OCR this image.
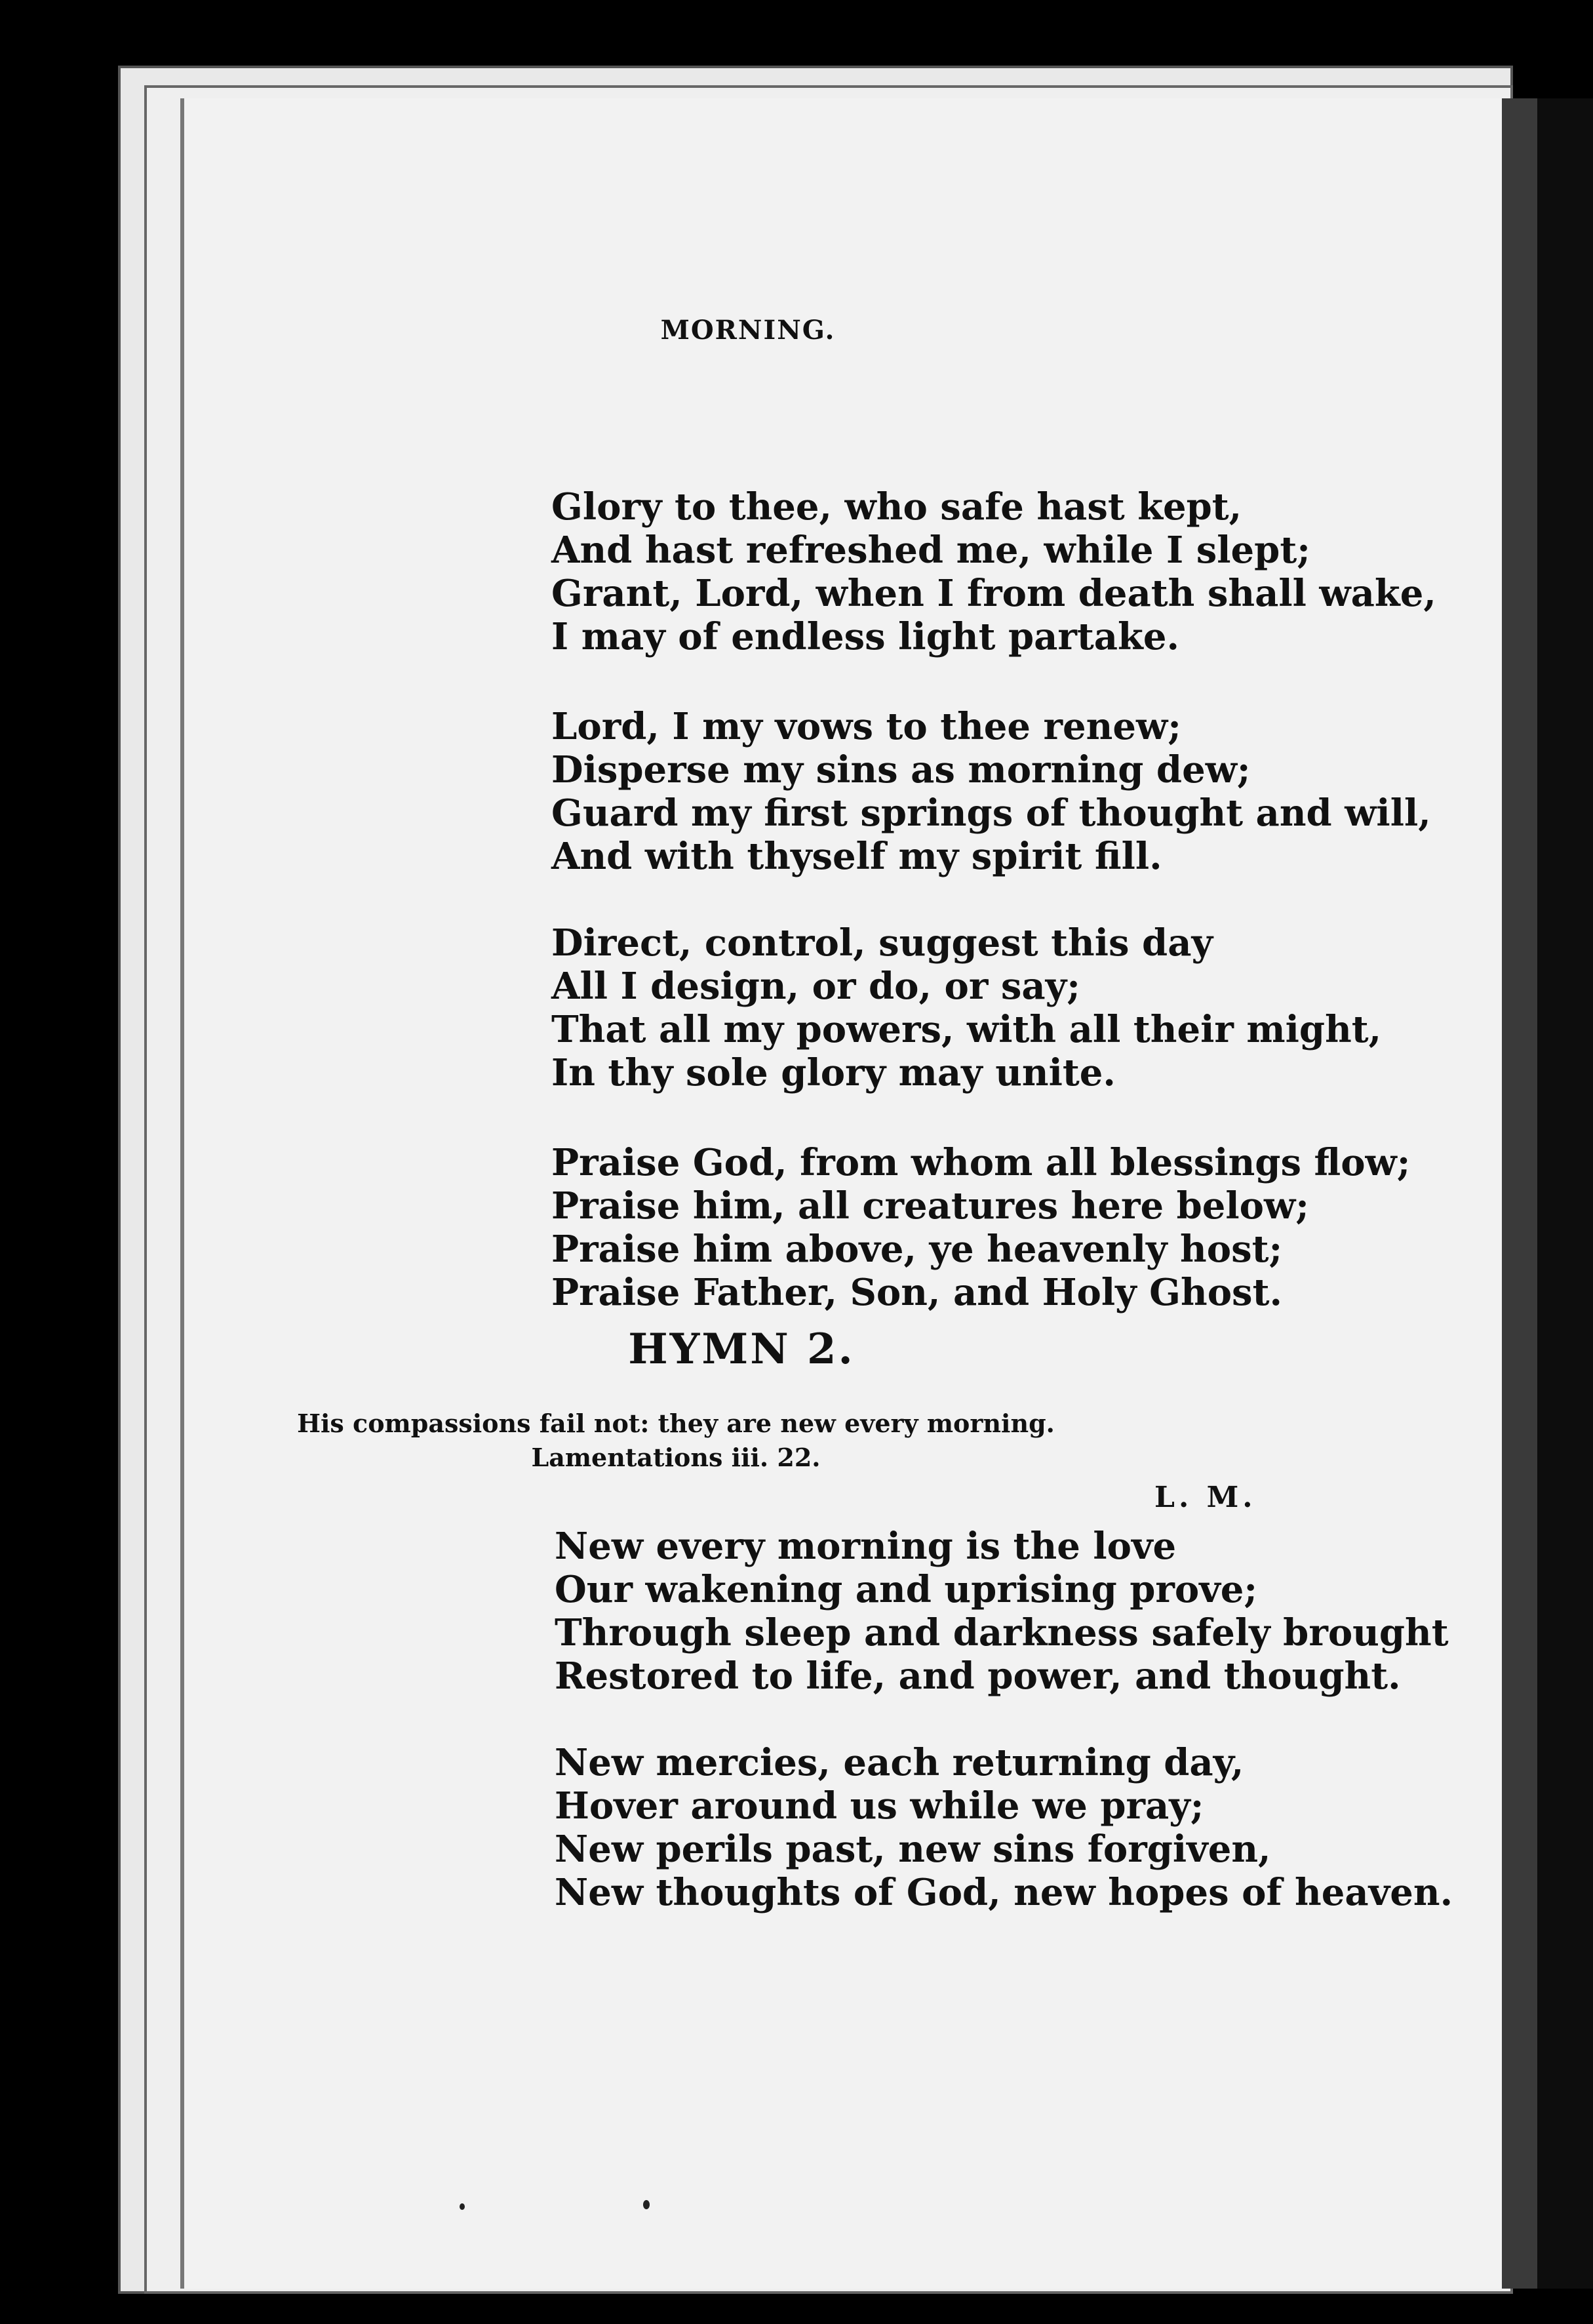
MORNING.
Glory to thee, who safe hast kept,
And hast refreshed me, while I slept;
Grant, Lord, when I from death shall wake,
I may of endless light partake.
Lord, I my vows to thee renew;
Disperse my sins as morning dew;
Guard my first springs of thought and will,
And with thyself my spirit fill.
Direct, control, suggest this day
All I design, or do, or say;
That all my powers, with all their might,
In thy sole glory may unite.
Praise God, from whom all blessings flow;
Praise him, all creatures here below;
Praise him above, ye heavenly host;
Praise Father, Son, and Holy Ghost.
HYMN 2.
His compassions fail not: they are new every morning.
Lamentations iii. 22.
L. M.
New every morning is the love
Our wakening and uprising prove;
Through sleep and darkness safely brought
Restored to life, and power, and thought.
New mercies, each returning day,
Hover around us while we pray;
New perils past, new sins forgiven,
New thoughts of God, new hopes of heaven.
